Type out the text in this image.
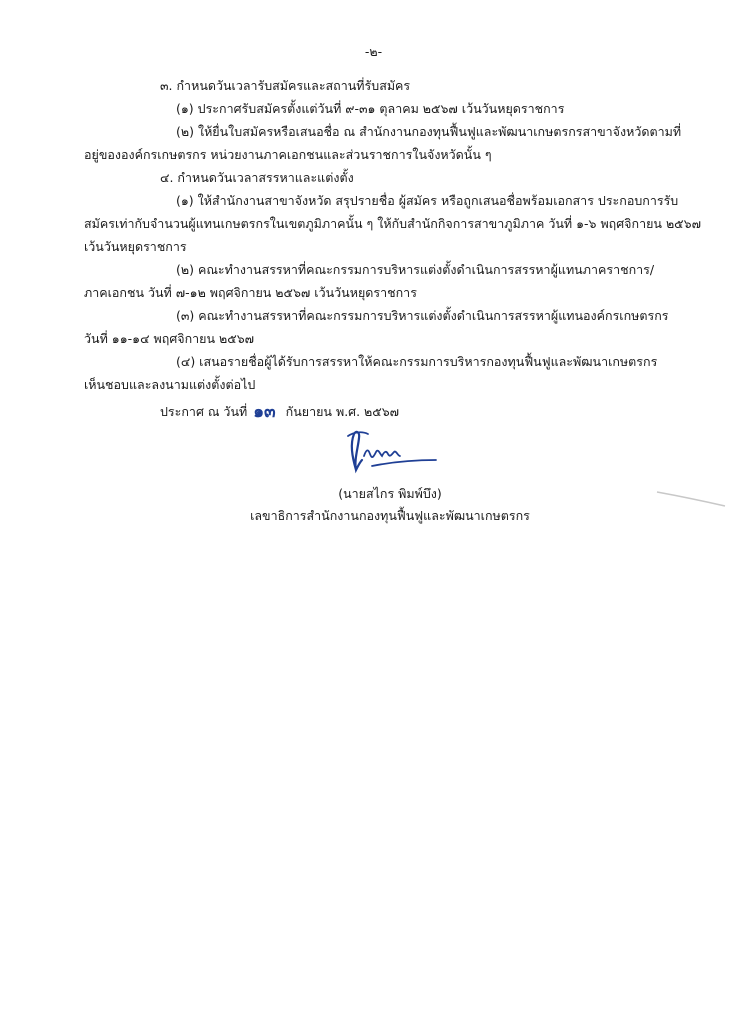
-๒-
๓. กำหนดวันเวลารับสมัครและสถานที่รับสมัคร
(๑) ประกาศรับสมัครตั้งแต่วันที่ ๙-๓๑ ตุลาคม ๒๕๖๗ เว้นวันหยุดราชการ
(๒) ให้ยื่นใบสมัครหรือเสนอชื่อ ณ สำนักงานกองทุนฟื้นฟูและพัฒนาเกษตรกรสาขาจังหวัดตามที่
อยู่ขององค์กรเกษตรกร หน่วยงานภาคเอกชนและส่วนราชการในจังหวัดนั้น ๆ
๔. กำหนดวันเวลาสรรหาและแต่งตั้ง
(๑) ให้สำนักงานสาขาจังหวัด สรุปรายชื่อ ผู้สมัคร หรือถูกเสนอชื่อพร้อมเอกสาร ประกอบการรับ
สมัครเท่ากับจำนวนผู้แทนเกษตรกรในเขตภูมิภาคนั้น ๆ ให้กับสำนักกิจการสาขาภูมิภาค วันที่ ๑-๖ พฤศจิกายน ๒๕๖๗
เว้นวันหยุดราชการ
(๒) คณะทำงานสรรหาที่คณะกรรมการบริหารแต่งตั้งดำเนินการสรรหาผู้แทนภาคราชการ/
ภาคเอกชน วันที่ ๗-๑๒ พฤศจิกายน ๒๕๖๗ เว้นวันหยุดราชการ
(๓) คณะทำงานสรรหาที่คณะกรรมการบริหารแต่งตั้งดำเนินการสรรหาผู้แทนองค์กรเกษตรกร
วันที่ ๑๑-๑๔ พฤศจิกายน ๒๕๖๗
(๔) เสนอรายชื่อผู้ได้รับการสรรหาให้คณะกรรมการบริหารกองทุนฟื้นฟูและพัฒนาเกษตรกร
เห็นชอบและลงนามแต่งตั้งต่อไป
ประกาศ ณ วันที่ ๑๓ กันยายน พ.ศ. ๒๕๖๗
(นายสไกร พิมพ์บึง)
เลขาธิการสำนักงานกองทุนฟื้นฟูและพัฒนาเกษตรกร
